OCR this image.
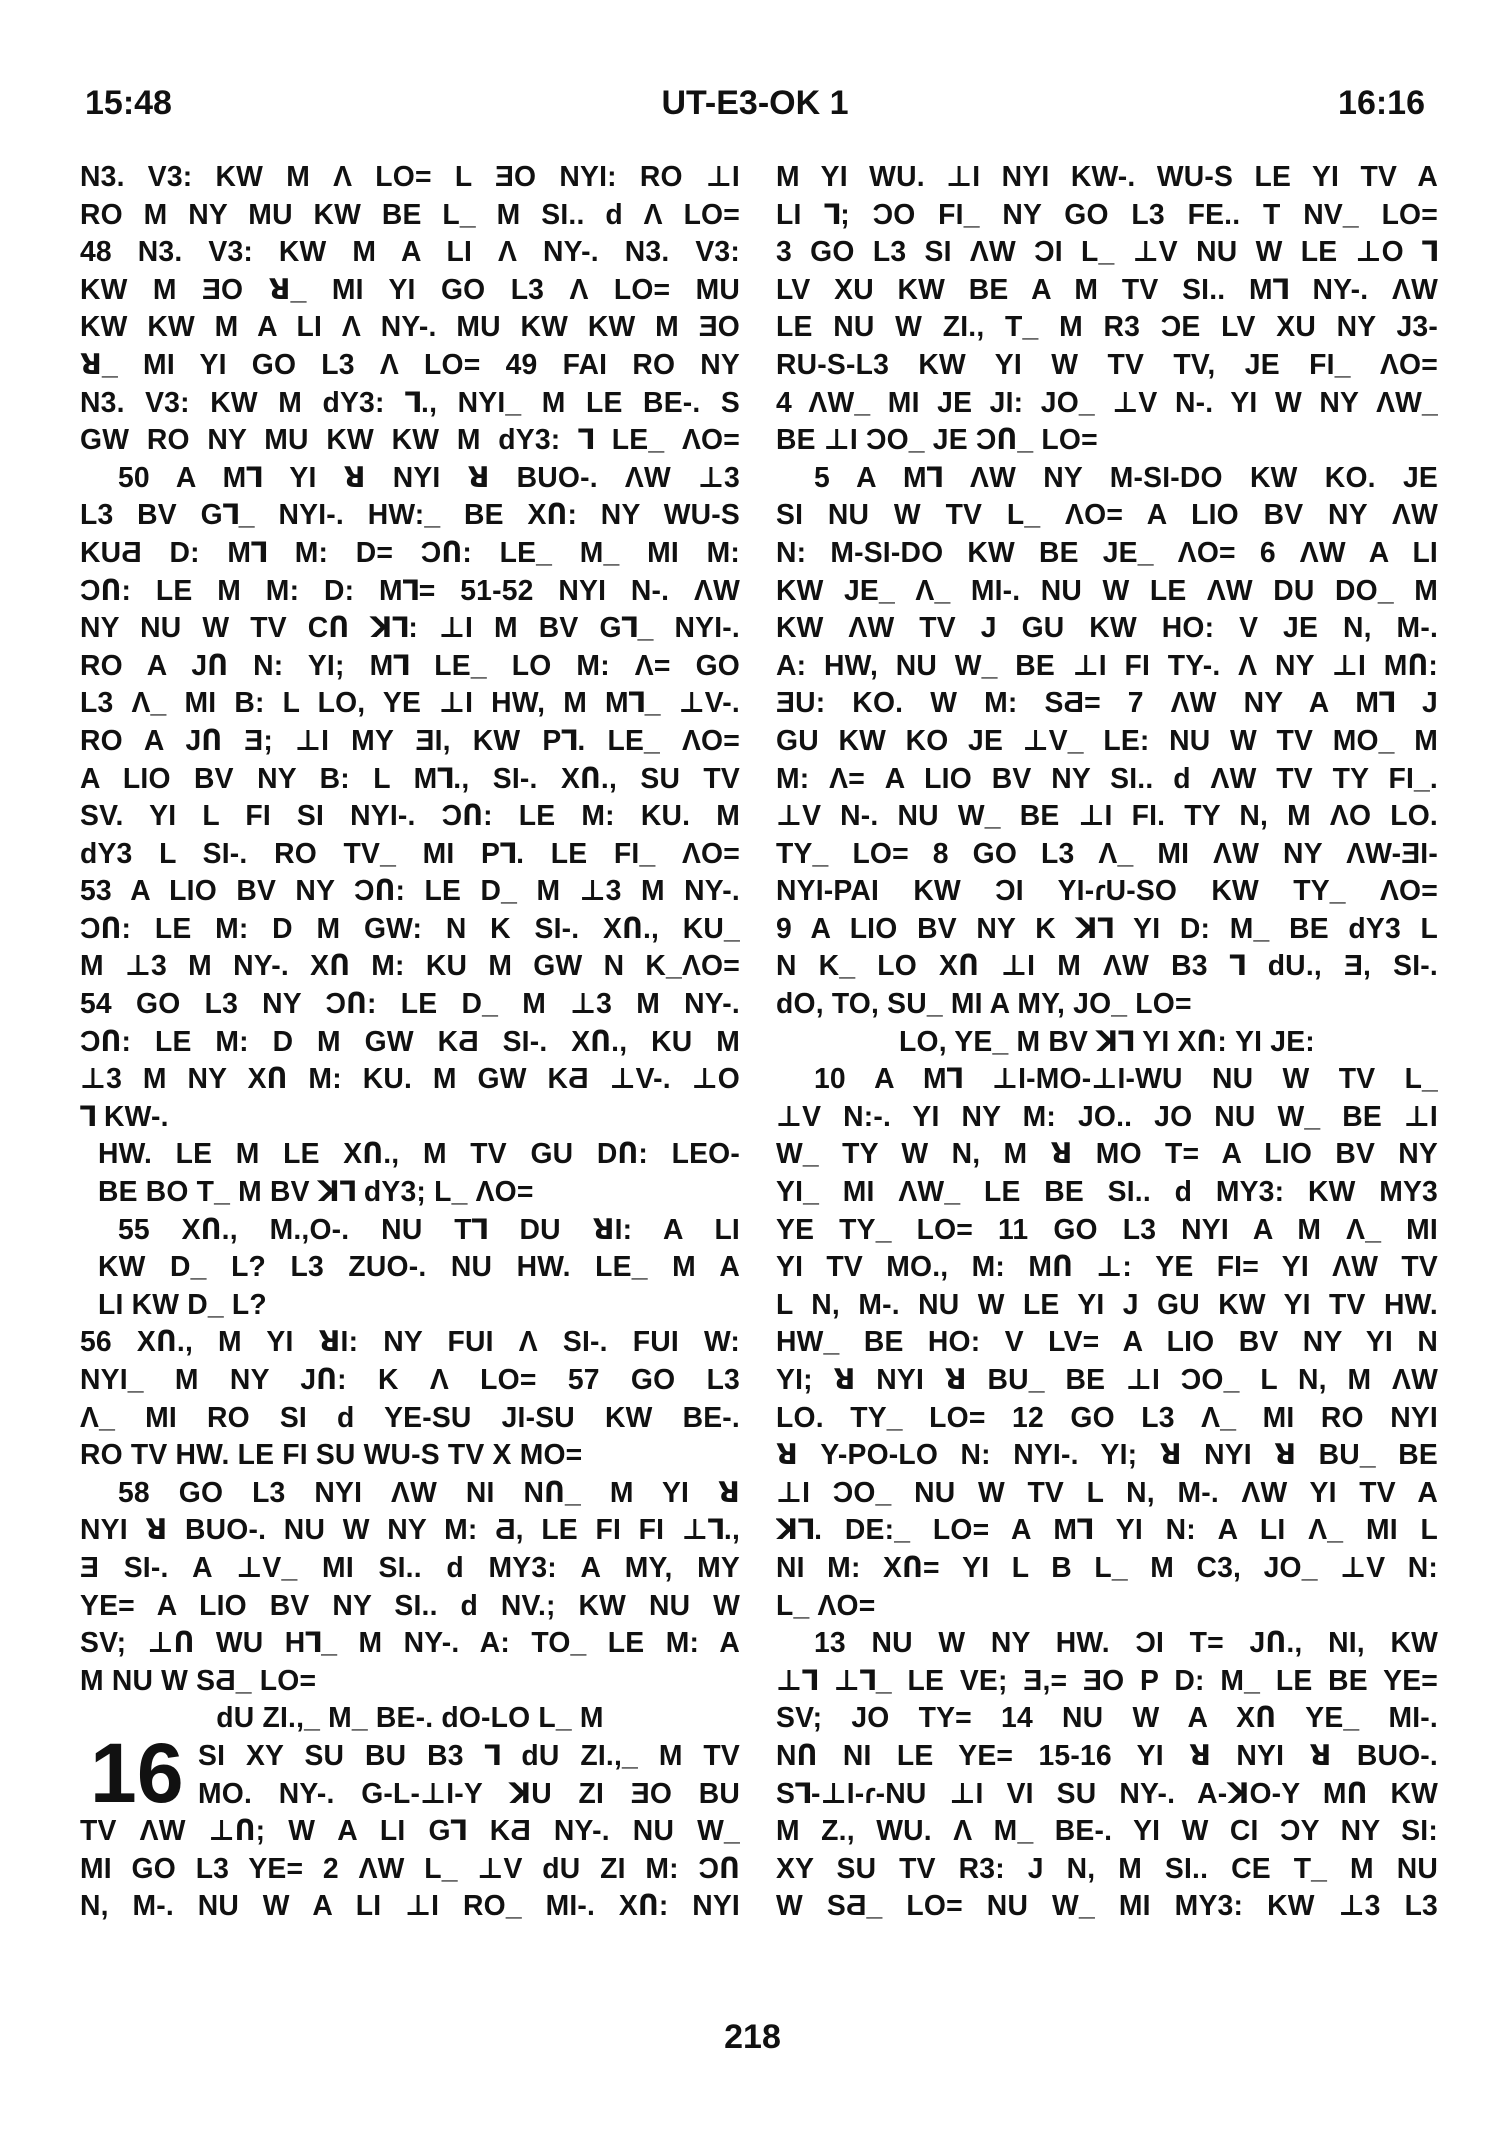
15:48	UT-E3-OK 1	16:16
N3. V3: KW M Λ LO= L ƎO NYI: RO ⊥I
RO M NY MU KW BE L_ M SI.. d Λ LO=
48 N3. V3: KW M A LI Λ NY-. N3. V3:
KW M ƎO ꓤ_ MI YI GO L3 Λ LO= MU
KW KW M A LI Λ NY-. MU KW KW M ƎO
ꓤ_ MI YI GO L3 Λ LO= 49 FAI RO NY
N3. V3: KW M dY3: ꓶ., NYI_ M LE BE-. S
GW RO NY MU KW KW M dY3: ꓶ LE_ ΛO=
50 A Mꓶ YI ꓤ NYI ꓤ BUO-. ΛW ⊥3
L3 BV Gꓶ_ NYI-. HW:_ BE XՈ: NY WU-S
KUƋ D: Mꓶ M: D= ƆՈ: LE_ M_ MI M:
ƆՈ: LE M M: D: Mꓶ= 51-52 NYI N-. ΛW
NY NU W TV CՈ ꓘꓶ: ⊥I M BV Gꓶ_ NYI-.
RO A JՈ N: YI; Mꓶ LE_ LO M: Λ= GO
L3 Λ_ MI B: L LO, YE ⊥I HW, M Mꓶ_ ⊥V-.
RO A JՈ Ǝ; ⊥I MY ƎI, KW Pꓶ. LE_ ΛO=
A LIO BV NY B: L Mꓶ., SI-. XՈ., SU TV
SV. YI L FI SI NYI-. ƆՈ: LE M: KU. M
dY3 L SI-. RO TV_ MI Pꓶ. LE FI_ ΛO=
53 A LIO BV NY ƆՈ: LE D_ M ⊥3 M NY-.
ƆՈ: LE M: D M GW: N K SI-. XՈ., KU_
M ⊥3 M NY-. XՈ M: KU M GW N K_ΛO=
54 GO L3 NY ƆՈ: LE D_ M ⊥3 M NY-.
ƆՈ: LE M: D M GW KƋ SI-. XՈ., KU M
⊥3 M NY XՈ M: KU. M GW KƋ ⊥V-. ⊥O
ꓶ KW-.
HW. LE M LE XՈ., M TV GU DՈ: LEO-
BE BO T_ M BV ꓘꓶ dY3; L_ ΛO=
55 XՈ., M.,O-. NU Tꓶ DU ꓤI: A LI
KW D_ L? L3 ZUO-. NU HW. LE_ M A
LI KW D_ L?
56 XՈ., M YI ꓤI: NY FUI Λ SI-. FUI W:
NYI_ M NY JՈ: K Λ LO= 57 GO L3
Λ_ MI RO SI d YE-SU JI-SU KW BE-.
RO TV HW. LE FI SU WU-S TV X MO=
58 GO L3 NYI ΛW NI NՈ_ M YI ꓤ
NYI ꓤ BUO-. NU W NY M: Ƌ, LE FI FI ⊥ꓶ.,
Ǝ SI-. A ⊥V_ MI SI.. d MY3: A MY, MY
YE= A LIO BV NY SI.. d NV.; KW NU W
SV; ⊥Ո WU Hꓶ_ M NY-. A: TO_ LE M: A
M NU W SƋ_ LO=
dU ZI.,_ M_ BE-. dO-LO L_ M
SI XY SU BU B3 ꓶ dU ZI.,_ M TV
MO. NY-. G-L-⊥I-Y ꓘU ZI ƎO BU
TV ΛW ⊥Ո; W A LI Gꓶ KƋ NY-. NU W_
MI GO L3 YE= 2 ΛW L_ ⊥V dU ZI M: ƆՈ
N, M-. NU W A LI ⊥I RO_ MI-. XՈ: NYI
16
M YI WU. ⊥I NYI KW-. WU-S LE YI TV A
LI ꓶ; ƆO FI_ NY GO L3 FE.. T NV_ LO=
3 GO L3 SI ΛW ƆI L_ ⊥V NU W LE ⊥O ꓶ
LV XU KW BE A M TV SI.. Mꓶ NY-. ΛW
LE NU W ZI., T_ M R3 ƆE LV XU NY J3-
RU-S-L3 KW YI W TV TV, JE FI_ ΛO=
4 ΛW_ MI JE JI: JO_ ⊥V N-. YI W NY ΛW_
BE ⊥I ƆO_ JE ƆՈ_ LO=
5 A Mꓶ ΛW NY M-SI-DO KW KO. JE
SI NU W TV L_ ΛO= A LIO BV NY ΛW
N: M-SI-DO KW BE JE_ ΛO= 6 ΛW A LI
KW JE_ Λ_ MI-. NU W LE ΛW DU DO_ M
KW ΛW TV J GU KW HO: V JE N, M-.
A: HW, NU W_ BE ⊥I FI TY-. Λ NY ⊥I MՈ:
ƎU: KO. W M: SƋ= 7 ΛW NY A Mꓶ J
GU KW KO JE ⊥V_ LE: NU W TV MO_ M
M: Λ= A LIO BV NY SI.. d ΛW TV TY FI_.
⊥V N-. NU W_ BE ⊥I FI. TY N, M ΛO LO.
TY_ LO= 8 GO L3 Λ_ MI ΛW NY ΛW-ƎI-
NYI-PAI KW ƆI YI-ɾU-SO KW TY_ ΛO=
9 A LIO BV NY K ꓘꓶ YI D: M_ BE dY3 L
N K_ LO XՈ ⊥I M ΛW B3 ꓶ dU., Ǝ, SI-.
dO, TO, SU_ MI A MY, JO_ LO=
LO, YE_ M BV ꓘꓶ YI XՈ: YI JE:
10 A Mꓶ ⊥I-MO-⊥I-WU NU W TV L_
⊥V N:-. YI NY M: JO.. JO NU W_ BE ⊥I
W_ TY W N, M ꓤ MO T= A LIO BV NY
YI_ MI ΛW_ LE BE SI.. d MY3: KW MY3
YE TY_ LO= 11 GO L3 NYI A M Λ_ MI
YI TV MO., M: MՈ ⊥: YE FI= YI ΛW TV
L N, M-. NU W LE YI J GU KW YI TV HW.
HW_ BE HO: V LV= A LIO BV NY YI N
YI; ꓤ NYI ꓤ BU_ BE ⊥I ƆO_ L N, M ΛW
LO. TY_ LO= 12 GO L3 Λ_ MI RO NYI
ꓤ Y-PO-LO N: NYI-. YI; ꓤ NYI ꓤ BU_ BE
⊥I ƆO_ NU W TV L N, M-. ΛW YI TV A
ꓘꓶ. DE:_ LO= A Mꓶ YI N: A LI Λ_ MI L
NI M: XՈ= YI L B L_ M C3, JO_ ⊥V N:
L_ ΛO=
13 NU W NY HW. ƆI T= JՈ., NI, KW
⊥ꓶ ⊥ꓶ_ LE VE; Ǝ,= ƎO P D: M_ LE BE YE=
SV; JO TY= 14 NU W A XՈ YE_ MI-.
NՈ NI LE YE= 15-16 YI ꓤ NYI ꓤ BUO-.
Sꓶ-⊥I-ɾ-NU ⊥I VI SU NY-. A-ꓘO-Y MՈ KW
M Z., WU. Λ M_ BE-. YI W CI ƆY NY SI:
XY SU TV R3: J N, M SI.. CE T_ M NU
W SƋ_ LO= NU W_ MI MY3: KW ⊥3 L3
218
